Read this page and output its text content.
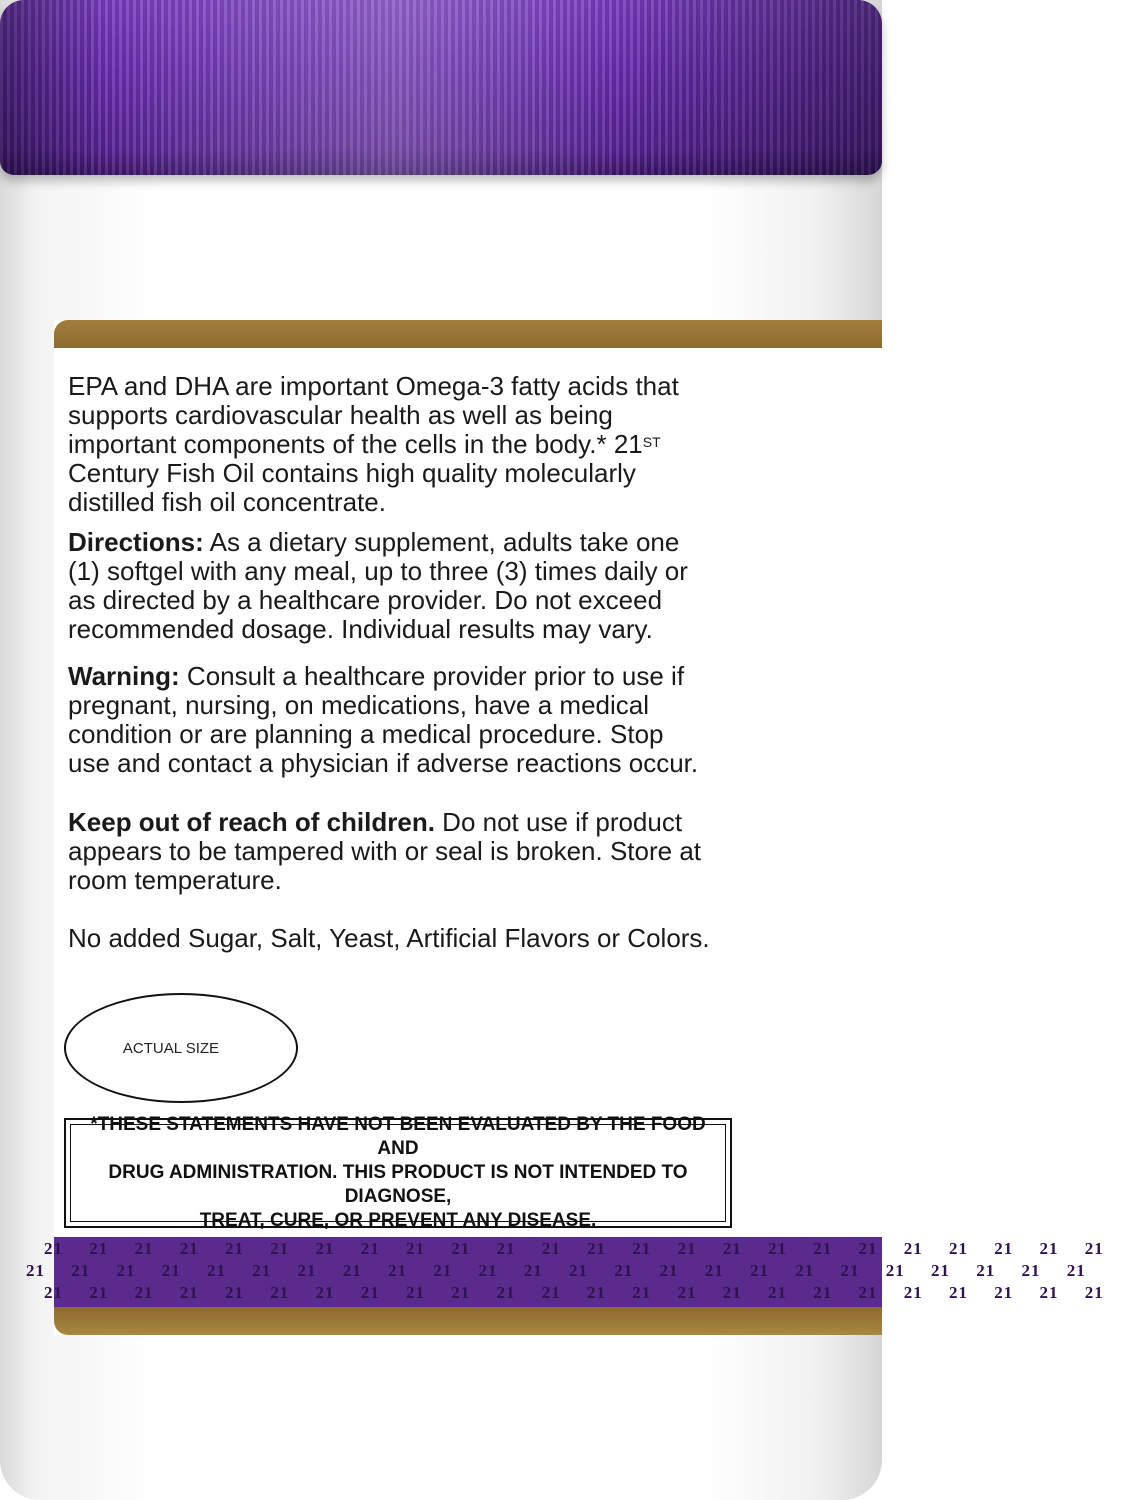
EPA and DHA are important Omega-3 fatty acids that
supports cardiovascular health as well as being
important components of the cells in the body.* 21ST
Century Fish Oil contains high quality molecularly
distilled fish oil concentrate.
Directions: As a dietary supplement, adults take one
(1) softgel with any meal, up to three (3) times daily or
as directed by a healthcare provider. Do not exceed
recommended dosage. Individual results may vary.
Warning: Consult a healthcare provider prior to use if
pregnant, nursing, on medications, have a medical
condition or are planning a medical procedure. Stop
use and contact a physician if adverse reactions occur.
Keep out of reach of children. Do not use if product
appears to be tampered with or seal is broken. Store at
room temperature.
No added Sugar, Salt, Yeast, Artificial Flavors or Colors.
ACTUAL SIZE
*THESE STATEMENTS HAVE NOT BEEN EVALUATED BY THE FOOD AND
DRUG ADMINISTRATION. THIS PRODUCT IS NOT INTENDED TO DIAGNOSE,
TREAT, CURE, OR PREVENT ANY DISEASE.
21     21     21     21     21     21     21     21     21     21     21     21     21     21     21     21     21     21     21     21     21     21     21     21
21     21     21     21     21     21     21     21     21     21     21     21     21     21     21     21     21     21     21     21     21     21     21     21
21     21     21     21     21     21     21     21     21     21     21     21     21     21     21     21     21     21     21     21     21     21     21     21
